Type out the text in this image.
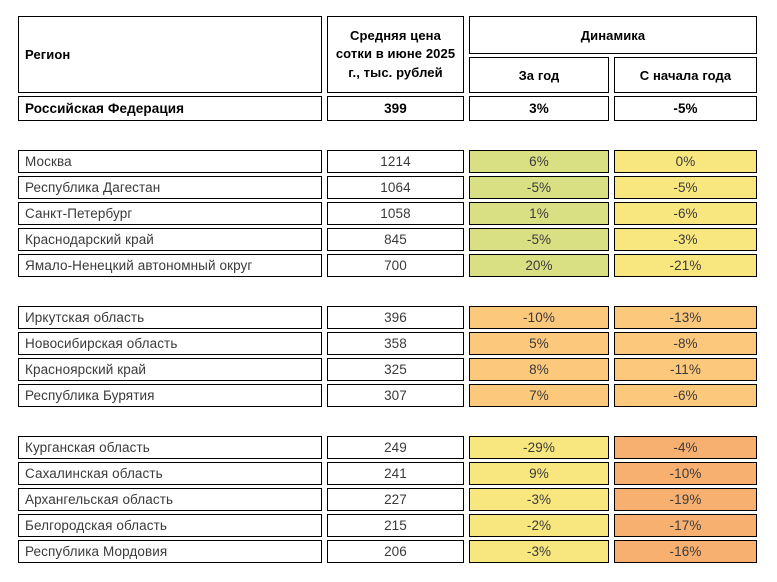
Регион
Средняя цена сотки в июне 2025 г., тыс. рублей
Динамика
За год	С начала года
Российская Федерация	399	3%	-5%
Москва	1214	6%	0%
Республика Дагестан	1064	-5%	-5%
Санкт-Петербург	1058	1%	-6%
Краснодарский край	845	-5%	-3%
Ямало-Ненецкий автономный округ	700	20%	-21%
Иркутская область	396	-10%	-13%
Новосибирская область	358	5%	-8%
Красноярский край	325	8%	-11%
Республика Бурятия	307	7%	-6%
Курганская область	249	-29%	-4%
Сахалинская область	241	9%	-10%
Архангельская область	227	-3%	-19%
Белгородская область	215	-2%	-17%
Республика Мордовия	206	-3%	-16%
